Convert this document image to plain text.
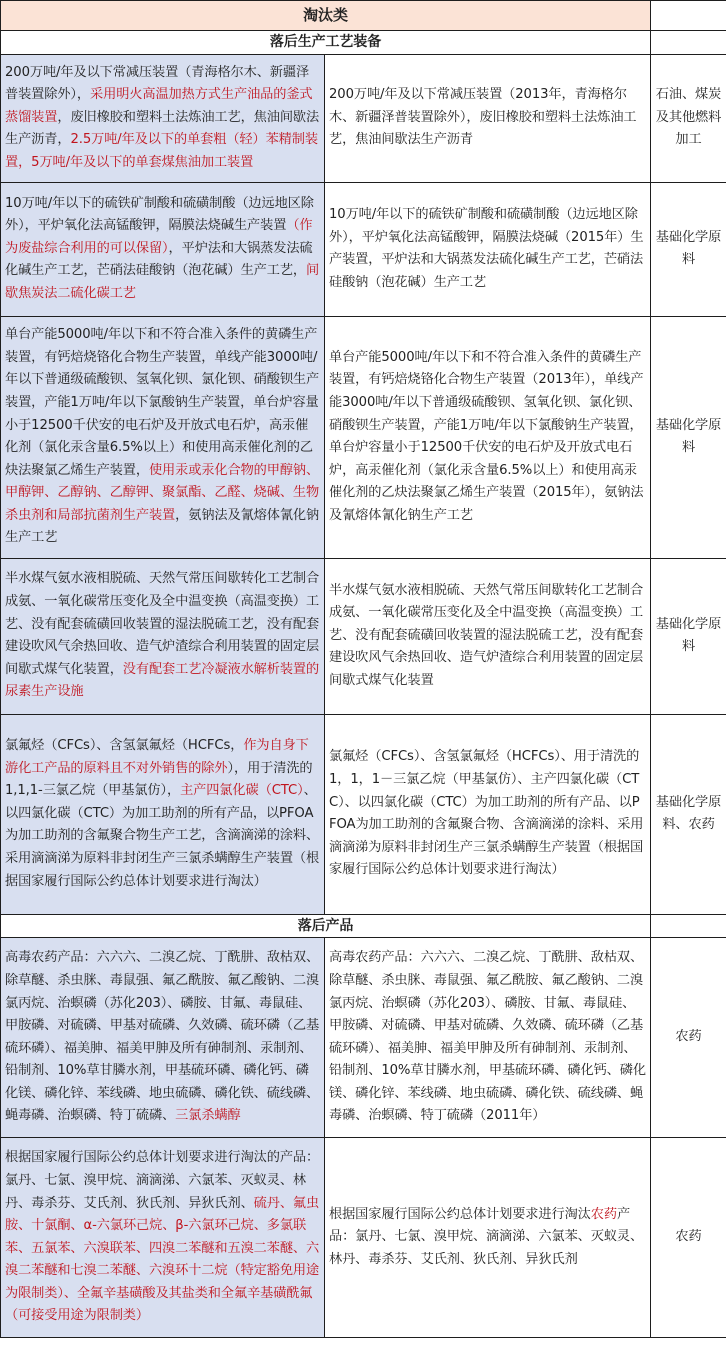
淘汰类		
落后生产工艺装备		
200万吨/年及以下常减压装置（青海格尔木、新疆泽普装置除外），采用明火高温加热方式生产油品的釜式蒸馏装置，废旧橡胶和塑料土法炼油工艺，焦油间歇法生产沥青，2.5万吨/年及以下的单套粗（轻）苯精制装置，5万吨/年及以下的单套煤焦油加工装置	200万吨/年及以下常减压装置（2013年，青海格尔木、新疆泽普装置除外），废旧橡胶和塑料土法炼油工艺，焦油间歇法生产沥青	石油、煤炭及其他燃料加工
10万吨/年以下的硫铁矿制酸和硫磺制酸（边远地区除外），平炉氧化法高锰酸钾，隔膜法烧碱生产装置（作为废盐综合利用的可以保留），平炉法和大锅蒸发法硫化碱生产工艺，芒硝法硅酸钠（泡花碱）生产工艺，间歇焦炭法二硫化碳工艺	10万吨/年以下的硫铁矿制酸和硫磺制酸（边远地区除外），平炉氧化法高锰酸钾，隔膜法烧碱（2015年）生产装置，平炉法和大锅蒸发法硫化碱生产工艺，芒硝法硅酸钠（泡花碱）生产工艺	基础化学原料
单台产能5000吨/年以下和不符合准入条件的黄磷生产装置，有钙焙烧铬化合物生产装置，单线产能3000吨/年以下普通级硫酸钡、氢氧化钡、氯化钡、硝酸钡生产装置，产能1万吨/年以下氯酸钠生产装置，单台炉容量小于12500千伏安的电石炉及开放式电石炉，高汞催化剂（氯化汞含量6.5%以上）和使用高汞催化剂的乙炔法聚氯乙烯生产装置，使用汞或汞化合物的甲醇钠、甲醇钾、乙醇钠、乙醇钾、聚氯酯、乙醛、烧碱、生物杀虫剂和局部抗菌剂生产装置，氨钠法及氰熔体氰化钠生产工艺	单台产能5000吨/年以下和不符合准入条件的黄磷生产装置，有钙焙烧铬化合物生产装置（2013年），单线产能3000吨/年以下普通级硫酸钡、氢氧化钡、氯化钡、硝酸钡生产装置，产能1万吨/年以下氯酸钠生产装置，单台炉容量小于12500千伏安的电石炉及开放式电石炉，高汞催化剂（氯化汞含量6.5%以上）和使用高汞催化剂的乙炔法聚氯乙烯生产装置（2015年），氨钠法及氰熔体氰化钠生产工艺	基础化学原料
半水煤气氨水液相脱硫、天然气常压间歇转化工艺制合成氨、一氧化碳常压变化及全中温变换（高温变换）工艺、没有配套硫磺回收装置的湿法脱硫工艺，没有配套建设吹风气余热回收、造气炉渣综合利用装置的固定层间歇式煤气化装置，没有配套工艺冷凝液水解析装置的尿素生产设施	半水煤气氨水液相脱硫、天然气常压间歇转化工艺制合成氨、一氧化碳常压变化及全中温变换（高温变换）工艺、没有配套硫磺回收装置的湿法脱硫工艺，没有配套建设吹风气余热回收、造气炉渣综合利用装置的固定层间歇式煤气化装置	基础化学原料
氯氟烃（CFCs）、含氢氯氟烃（HCFCs，作为自身下游化工产品的原料且不对外销售的除外），用于清洗的1,1,1-三氯乙烷（甲基氯仿），主产四氯化碳（CTC）、以四氯化碳（CTC）为加工助剂的所有产品，以PFOA为加工助剂的含氟聚合物生产工艺，含滴滴涕的涂料、采用滴滴涕为原料非封闭生产三氯杀螨醇生产装置（根据国家履行国际公约总体计划要求进行淘汰）	氯氟烃（CFCs）、含氢氯氟烃（HCFCs）、用于清洗的1，1，1－三氯乙烷（甲基氯仿）、主产四氯化碳（CTC）、以四氯化碳（CTC）为加工助剂的所有产品、以PFOA为加工助剂的含氟聚合物、含滴滴涕的涂料、采用滴滴涕为原料非封闭生产三氯杀螨醇生产装置（根据国家履行国际公约总体计划要求进行淘汰）	基础化学原料、农药
落后产品		
高毒农药产品：六六六、二溴乙烷、丁酰肼、敌枯双、除草醚、杀虫脒、毒鼠强、氟乙酰胺、氟乙酸钠、二溴氯丙烷、治螟磷（苏化203）、磷胺、甘氟、毒鼠硅、甲胺磷、对硫磷、甲基对硫磷、久效磷、硫环磷（乙基硫环磷）、福美胂、福美甲胂及所有砷制剂、汞制剂、铅制剂、10%草甘膦水剂，甲基硫环磷、磷化钙、磷化镁、磷化锌、苯线磷、地虫硫磷、磷化铁、硫线磷、蝇毒磷、治螟磷、特丁硫磷、三氯杀螨醇	高毒农药产品：六六六、二溴乙烷、丁酰肼、敌枯双、除草醚、杀虫脒、毒鼠强、氟乙酰胺、氟乙酸钠、二溴氯丙烷、治螟磷（苏化203）、磷胺、甘氟、毒鼠硅、甲胺磷、对硫磷、甲基对硫磷、久效磷、硫环磷（乙基硫环磷）、福美胂、福美甲胂及所有砷制剂、汞制剂、铅制剂、10%草甘膦水剂，甲基硫环磷、磷化钙、磷化镁、磷化锌、苯线磷、地虫硫磷、磷化铁、硫线磷、蝇毒磷、治螟磷、特丁硫磷（2011年）	农药
根据国家履行国际公约总体计划要求进行淘汰的产品：氯丹、七氯、溴甲烷、滴滴涕、六氯苯、灭蚁灵、林丹、毒杀芬、艾氏剂、狄氏剂、异狄氏剂、硫丹、氟虫胺、十氯酮、α-六氯环己烷、β-六氯环己烷、多氯联苯、五氯苯、六溴联苯、四溴二苯醚和五溴二苯醚、六溴二苯醚和七溴二苯醚、六溴环十二烷（特定豁免用途为限制类）、全氟辛基磺酸及其盐类和全氟辛基磺酰氟（可接受用途为限制类）	根据国家履行国际公约总体计划要求进行淘汰农药产品：氯丹、七氯、溴甲烷、滴滴涕、六氯苯、灭蚁灵、林丹、毒杀芬、艾氏剂、狄氏剂、异狄氏剂	农药
